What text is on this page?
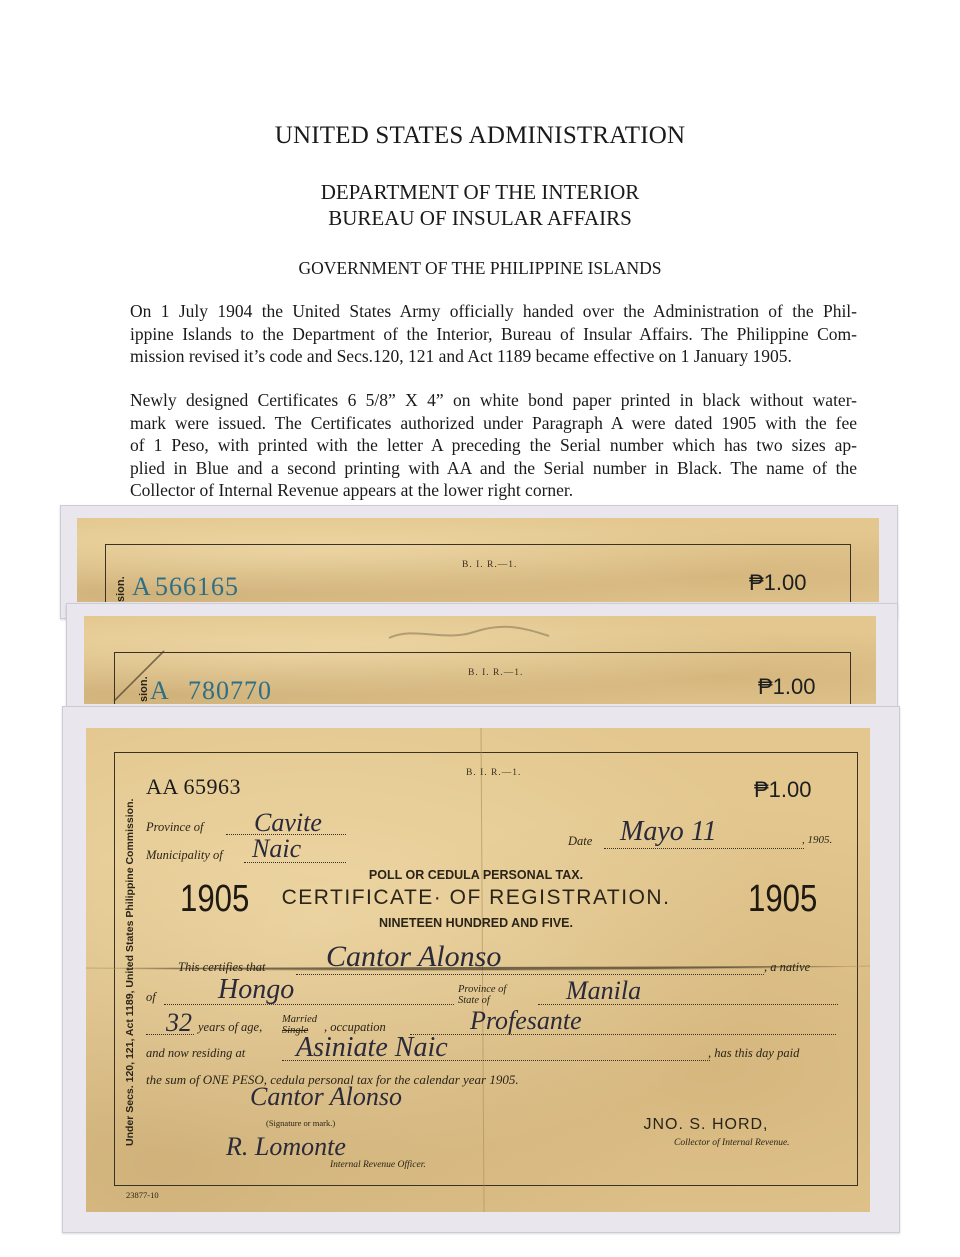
UNITED STATES ADMINISTRATION
DEPARTMENT OF THE INTERIOR
BUREAU OF INSULAR AFFAIRS
GOVERNMENT OF THE PHILIPPINE ISLANDS
On 1 July 1904 the United States Army officially handed over the Administration of the Phil-
ippine Islands to the Department of the Interior, Bureau of Insular Affairs. The Philippine Com-
mission revised it’s code and Secs.120, 121 and Act 1189 became effective on 1 January 1905.
Newly designed Certificates 6 5/8” X 4” on white bond paper printed in black without water-
mark were issued. The Certificates authorized under Paragraph A were dated 1905 with the fee
of 1 Peso, with printed with the letter A preceding the Serial number which has two sizes ap-
plied in Blue and a second printing with AA and the Serial number in Black. The name of the
Collector of Internal Revenue appears at the lower right corner.
B. I. R.—1.
A 566165	₱1.00
sion.
B. I. R.—1.
A 780770	₱1.00
sion.
Under Secs. 120, 121, Act 1189, United States Philippine Commission.
B. I. R.—1.
AA 65963	₱1.00
Province of Cavite
Municipality of Naic	Date Mayo 11	, 1905.
POLL OR CEDULA PERSONAL TAX.
CERTIFICATE· OF REGISTRATION.
NINETEEN HUNDRED AND FIVE.
1905	1905
This certifies that Cantor Alonso	, a native
of Hongo	Province of
State of	Manila
32 years of age,
Married
Single	, occupation	Profesante
and now residing at Asiniate Naic	, has this day paid
the sum of ONE PESO, cedula personal tax for the calendar year 1905.
Cantor Alonso
(Signature or mark.)
R. Lomonte
Internal Revenue Officer.
JNO. S. HORD,
Collector of Internal Revenue.
23877-10
